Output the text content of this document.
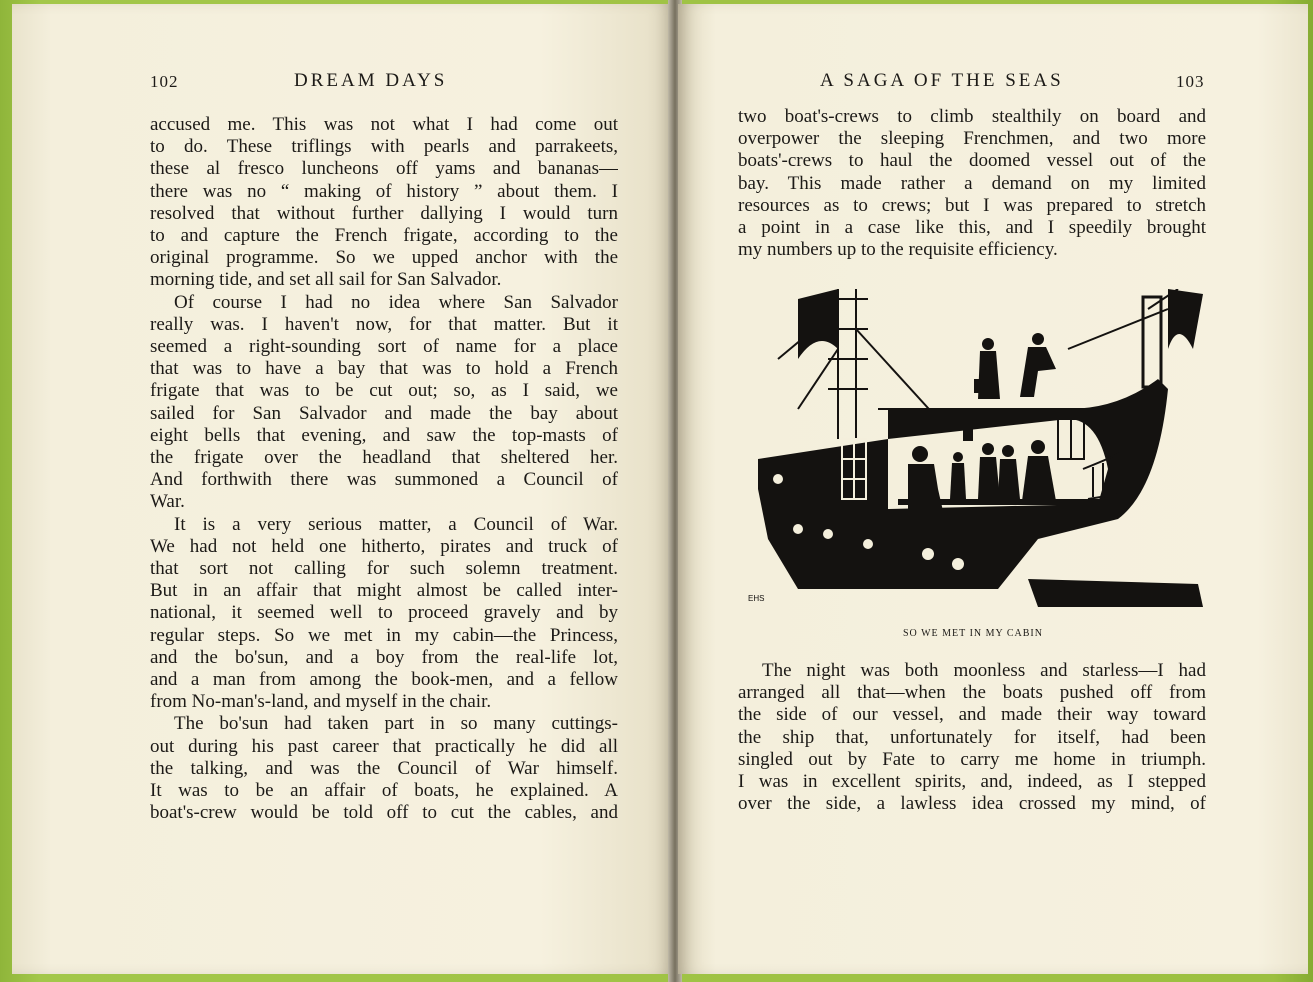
102	DREAM DAYS
accused me. This was not what I had come out
to do. These triflings with pearls and parrakeets,
these al fresco luncheons off yams and bananas—
there was no “ making of history ” about them. I
resolved that without further dallying I would turn
to and capture the French frigate, according to the
original programme. So we upped anchor with the
morning tide, and set all sail for San Salvador.
Of course I had no idea where San Salvador
really was. I haven't now, for that matter. But it
seemed a right-sounding sort of name for a place
that was to have a bay that was to hold a French
frigate that was to be cut out; so, as I said, we
sailed for San Salvador and made the bay about
eight bells that evening, and saw the top-masts of
the frigate over the headland that sheltered her.
And forthwith there was summoned a Council of
War.
It is a very serious matter, a Council of War.
We had not held one hitherto, pirates and truck of
that sort not calling for such solemn treatment.
But in an affair that might almost be called inter-
national, it seemed well to proceed gravely and by
regular steps. So we met in my cabin—the Princess,
and the bo'sun, and a boy from the real-life lot,
and a man from among the book-men, and a fellow
from No-man's-land, and myself in the chair.
The bo'sun had taken part in so many cuttings-
out during his past career that practically he did all
the talking, and was the Council of War himself.
It was to be an affair of boats, he explained. A
boat's-crew would be told off to cut the cables, and
A SAGA OF THE SEAS	103
two boat's-crews to climb stealthily on board and
overpower the sleeping Frenchmen, and two more
boats'-crews to haul the doomed vessel out of the
bay. This made rather a demand on my limited
resources as to crews; but I was prepared to stretch
a point in a case like this, and I speedily brought
my numbers up to the requisite efficiency.
EHS
SO WE MET IN MY CABIN
The night was both moonless and starless—I had
arranged all that—when the boats pushed off from
the side of our vessel, and made their way toward
the ship that, unfortunately for itself, had been
singled out by Fate to carry me home in triumph.
I was in excellent spirits, and, indeed, as I stepped
over the side, a lawless idea crossed my mind, of
